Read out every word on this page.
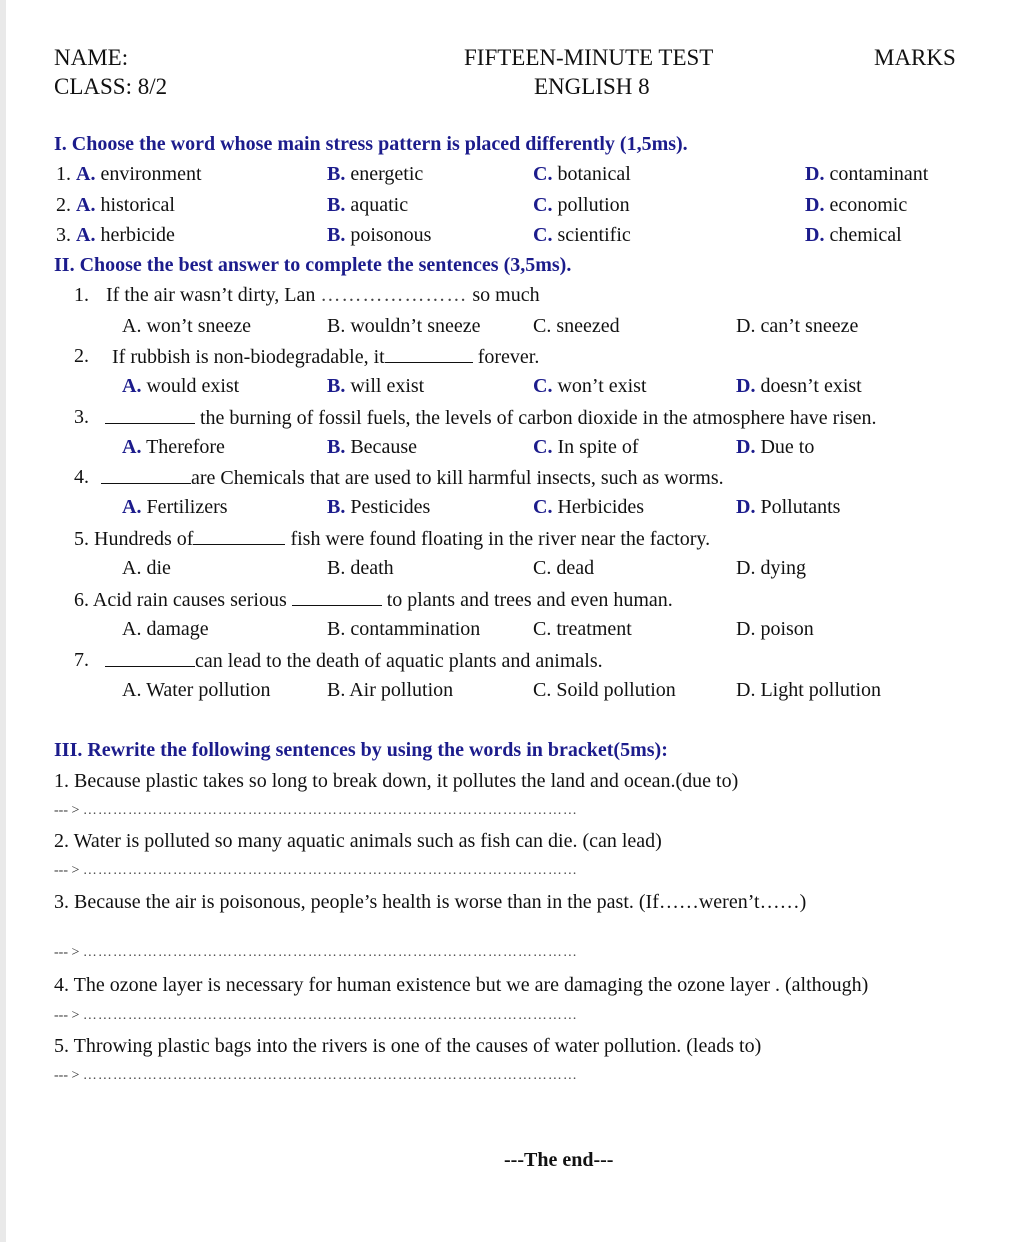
NAME:
CLASS: 8/2
FIFTEEN-MINUTE TEST
ENGLISH 8
MARKS
I. Choose the word whose main stress pattern is placed differently (1,5ms).
1. A. environment	B. energetic	C. botanical	D. contaminant
2. A. historical	B. aquatic	C. pollution	D. economic
3. A. herbicide	B. poisonous	C. scientific	D. chemical
II. Choose the best answer to complete the sentences (3,5ms).
1. If the air wasn’t dirty, Lan ………………… so much
A. won’t sneeze	B. wouldn’t sneeze	C. sneezed	D. can’t sneeze
2. If rubbish is non-biodegradable, it	forever.
A. would exist	B. will exist	C. won’t exist	D. doesn’t exist
3.	the burning of fossil fuels, the levels of carbon dioxide in the atmosphere have risen.
A. Therefore	B. Because	C. In spite of	D. Due to
4.	are Chemicals that are used to kill harmful insects, such as worms.
A. Fertilizers	B. Pesticides	C. Herbicides	D. Pollutants
5. Hundreds of	fish were found floating in the river near the factory.
A. die	B. death	C. dead	D. dying
6. Acid rain causes serious	to plants and trees and even human.
A. damage	B. contammination	C. treatment	D. poison
7.	can lead to the death of aquatic plants and animals.
A. Water pollution	B. Air pollution	C. Soild pollution	D. Light pollution
III. Rewrite the following sentences by using the words in bracket(5ms):
1. Because plastic takes so long to break down, it pollutes the land and ocean.(due to)
--- > ………………………………………………………………………………………
2. Water is polluted so many aquatic animals such as fish can die. (can lead)
--- > ………………………………………………………………………………………
3. Because the air is poisonous, people’s health is worse than in the past. (If……weren’t……)
--- > ………………………………………………………………………………………
4. The ozone layer is necessary for human existence but we are damaging the ozone layer . (although)
--- > ………………………………………………………………………………………
5. Throwing plastic bags into the rivers is one of the causes of water pollution. (leads to)
--- > ………………………………………………………………………………………
---The end---
